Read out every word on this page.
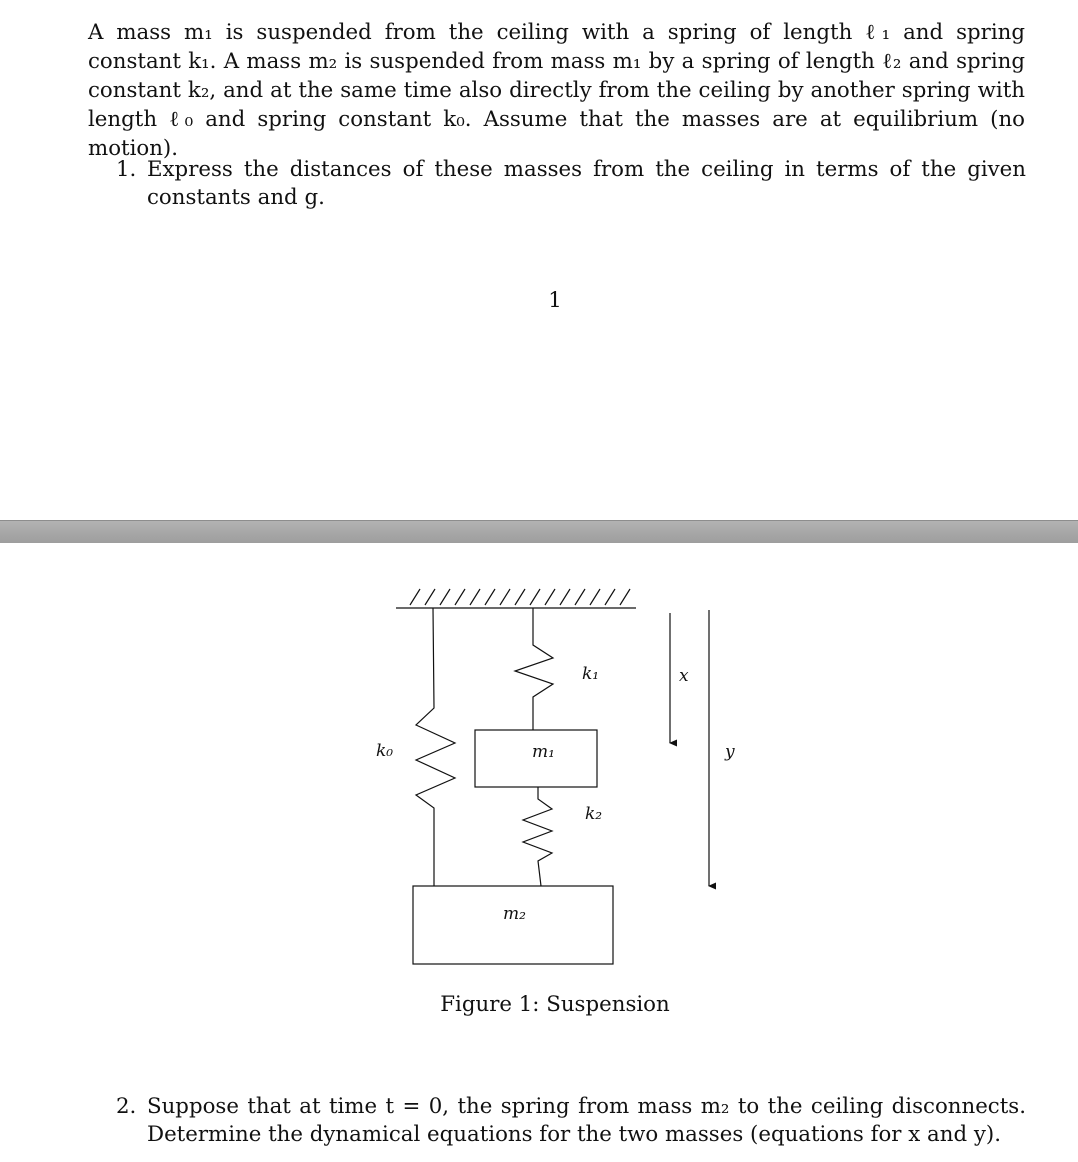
A mass m₁ is suspended from the ceiling with a spring of length ℓ₁ and spring constant k₁. A mass m₂ is suspended from mass m₁ by a spring of length ℓ₂ and spring constant k₂, and at the same time also directly from the ceiling by another spring with length ℓ₀ and spring constant k₀. Assume that the masses are at equilibrium (no motion).

1. Express the distances of these masses from the ceiling in terms of the given constants and g.
1
k₀
k₁
k₂
m₁
m₂
x
y
Figure 1: Suspension
2. Suppose that at time t = 0, the spring from mass m₂ to the ceiling disconnects. Determine the dynamical equations for the two masses (equations for x and y).
